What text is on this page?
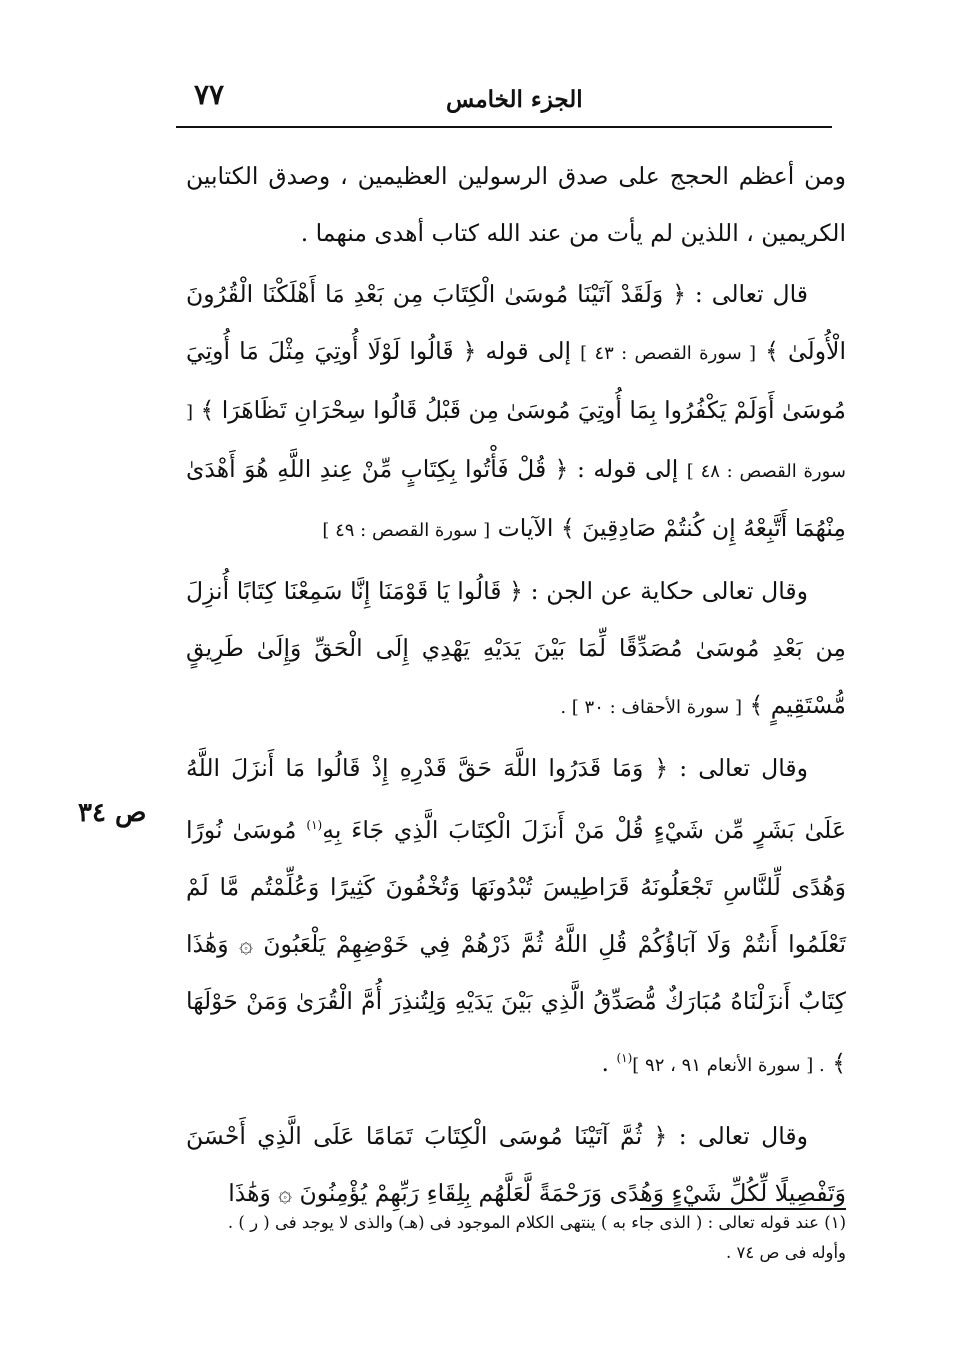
٧٧	الجزء الخامس
ص ٣٤

ومن أعظم الحجج على صدق الرسولين العظيمين ، وصدق الكتابين الكريمين ، اللذين لم يأت من عند الله كتاب أهدى منهما .

قال تعالى : ﴿ وَلَقَدْ آتَيْنَا مُوسَىٰ الْكِتَابَ مِن بَعْدِ مَا أَهْلَكْنَا الْقُرُونَ الْأُولَىٰ ﴾ [ سورة القصص : ٤٣ ] إلى قوله ﴿ قَالُوا لَوْلَا أُوتِيَ مِثْلَ مَا أُوتِيَ مُوسَىٰ أَوَلَمْ يَكْفُرُوا بِمَا أُوتِيَ مُوسَىٰ مِن قَبْلُ قَالُوا سِحْرَانِ تَظَاهَرَا ﴾ [ سورة القصص : ٤٨ ] إلى قوله : ﴿ قُلْ فَأْتُوا بِكِتَابٍ مِّنْ عِندِ اللَّهِ هُوَ أَهْدَىٰ مِنْهُمَا أَتَّبِعْهُ إِن كُنتُمْ صَادِقِينَ ﴾ الآيات [ سورة القصص : ٤٩ ]

وقال تعالى حكاية عن الجن : ﴿ قَالُوا يَا قَوْمَنَا إِنَّا سَمِعْنَا كِتَابًا أُنزِلَ مِن بَعْدِ مُوسَىٰ مُصَدِّقًا لِّمَا بَيْنَ يَدَيْهِ يَهْدِي إِلَى الْحَقِّ وَإِلَىٰ طَرِيقٍ مُّسْتَقِيمٍ ﴾ [ سورة الأحقاف : ٣٠ ] .

وقال تعالى : ﴿ وَمَا قَدَرُوا اللَّهَ حَقَّ قَدْرِهِ إِذْ قَالُوا مَا أَنزَلَ اللَّهُ عَلَىٰ بَشَرٍ مِّن شَيْءٍ قُلْ مَنْ أَنزَلَ الْكِتَابَ الَّذِي جَاءَ بِهِ$^{(١)}$ مُوسَىٰ نُورًا وَهُدًى لِّلنَّاسِ تَجْعَلُونَهُ قَرَاطِيسَ تُبْدُونَهَا وَتُخْفُونَ كَثِيرًا وَعُلِّمْتُم مَّا لَمْ تَعْلَمُوا أَنتُمْ وَلَا آبَاؤُكُمْ قُلِ اللَّهُ ثُمَّ ذَرْهُمْ فِي خَوْضِهِمْ يَلْعَبُونَ ۞ وَهَٰذَا كِتَابٌ أَنزَلْنَاهُ مُبَارَكٌ مُّصَدِّقُ الَّذِي بَيْنَ يَدَيْهِ وَلِتُنذِرَ أُمَّ الْقُرَىٰ وَمَنْ حَوْلَهَا ﴾ . [ سورة الأنعام ٩١ ، ٩٢ ]$^{(١)}$ .

وقال تعالى : ﴿ ثُمَّ آتَيْنَا مُوسَى الْكِتَابَ تَمَامًا عَلَى الَّذِي أَحْسَنَ وَتَفْصِيلًا لِّكُلِّ شَيْءٍ وَهُدًى وَرَحْمَةً لَّعَلَّهُم بِلِقَاءِ رَبِّهِمْ يُؤْمِنُونَ ۞ وَهَٰذَا

(١) عند قوله تعالى : ( الذى جاء به ) ينتهى الكلام الموجود فى (هـ) والذى لا يوجد فى ( ر ) .

وأوله فى ص ٧٤ .
